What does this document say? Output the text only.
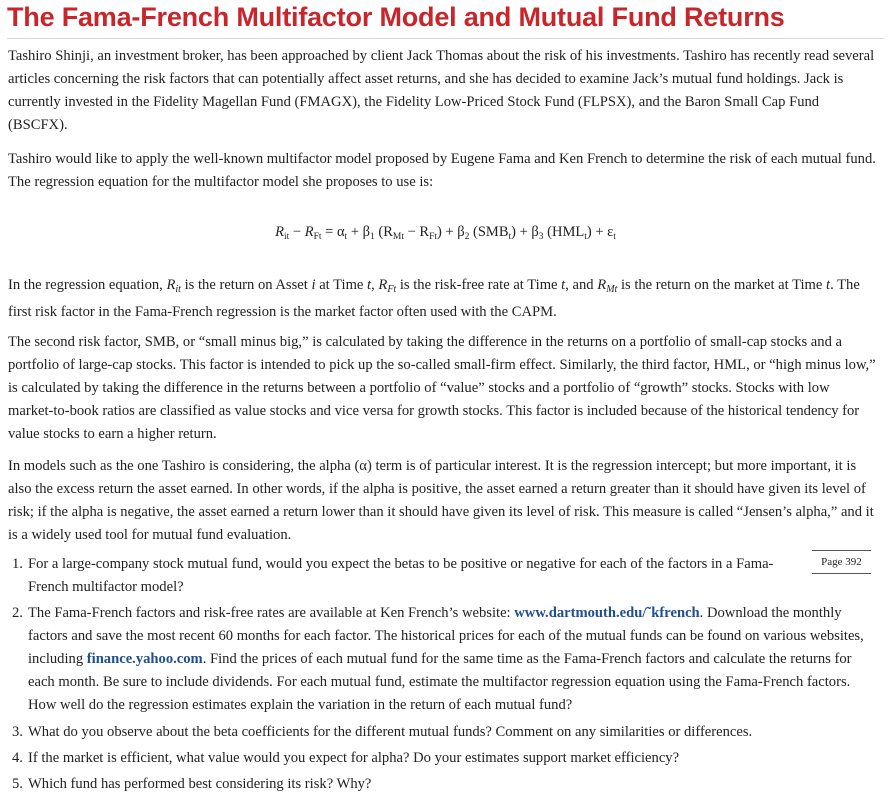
The Fama-French Multifactor Model and Mutual Fund Returns

Tashiro Shinji, an investment broker, has been approached by client Jack Thomas about the risk of his investments. Tashiro has recently read several articles concerning the risk factors that can potentially affect asset returns, and she has decided to examine Jack’s mutual fund holdings. Jack is currently invested in the Fidelity Magellan Fund (FMAGX), the Fidelity Low-Priced Stock Fund (FLPSX), and the Baron Small Cap Fund (BSCFX).

Tashiro would like to apply the well-known multifactor model proposed by Eugene Fama and Ken French to determine the risk of each mutual fund. The regression equation for the multifactor model she proposes to use is:

$R_{it} - R_{Ft} = \alpha_t + \beta_1$ $(R_{Mt} - R_{Ft}) + \beta_2$ $(SMB_t) + \beta_3$ $(HML_t) + \varepsilon_t$

In the regression equation, $R_{it}$ is the return on Asset i at Time t, $R_{Ft}$ is the risk-free rate at Time t, and $R_{Mt}$ is the return on the market at Time t. The first risk factor in the Fama-French regression is the market factor often used with the CAPM.

The second risk factor, SMB, or “small minus big,” is calculated by taking the difference in the returns on a portfolio of small-cap stocks and a portfolio of large-cap stocks. This factor is intended to pick up the so-called small-firm effect. Similarly, the third factor, HML, or “high minus low,” is calculated by taking the difference in the returns between a portfolio of “value” stocks and a portfolio of “growth” stocks. Stocks with low market-to-book ratios are classified as value stocks and vice versa for growth stocks. This factor is included because of the historical tendency for value stocks to earn a higher return.

In models such as the one Tashiro is considering, the alpha (α) term is of particular interest. It is the regression intercept; but more important, it is also the excess return the asset earned. In other words, if the alpha is positive, the asset earned a return greater than it should have given its level of risk; if the alpha is negative, the asset earned a return lower than it should have given its level of risk. This measure is called “Jensen’s alpha,” and it is a widely used tool for mutual fund evaluation.

Page 392
1. For a large-company stock mutual fund, would you expect the betas to be positive or negative for each of the factors in a Fama-French multifactor model?
2. The Fama-French factors and risk-free rates are available at Ken French’s website: www.dartmouth.edu/˜kfrench. Download the monthly factors and save the most recent 60 months for each factor. The historical prices for each of the mutual funds can be found on various websites, including finance.yahoo.com. Find the prices of each mutual fund for the same time as the Fama-French factors and calculate the returns for each month. Be sure to include dividends. For each mutual fund, estimate the multifactor regression equation using the Fama-French factors. How well do the regression estimates explain the variation in the return of each mutual fund?
3. What do you observe about the beta coefficients for the different mutual funds? Comment on any similarities or differences.
4. If the market is efficient, what value would you expect for alpha? Do your estimates support market efficiency?
5. Which fund has performed best considering its risk? Why?
